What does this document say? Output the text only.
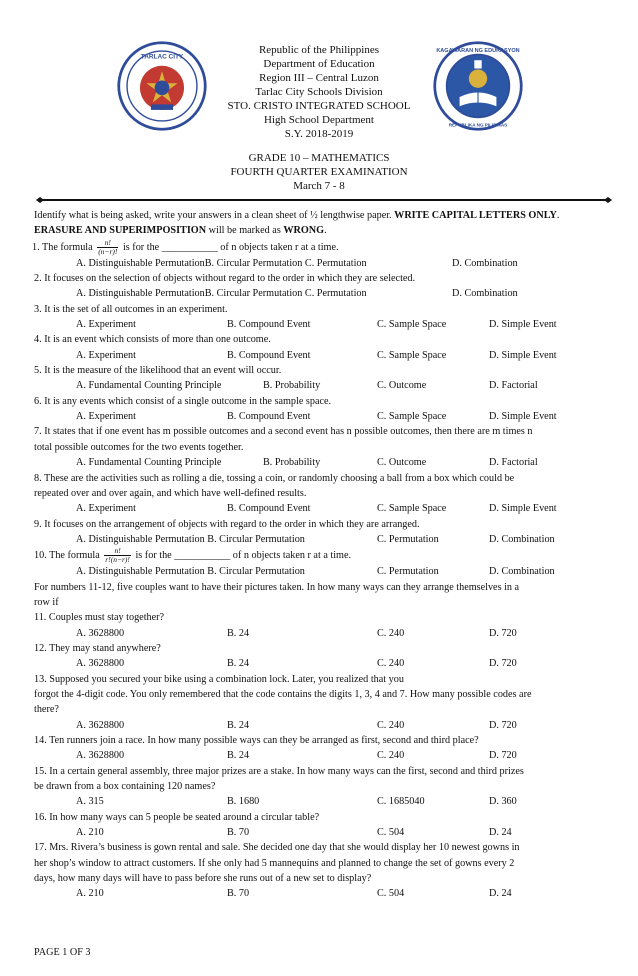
TARLAC CITY
KAGAWARAN NG EDUKASYON
REPUBLIKA NG PILIPINAS
Republic of the Philippines
Department of Education
Region III – Central Luzon
Tarlac City Schools Division
STO. CRISTO INTEGRATED SCHOOL
High School Department
S.Y. 2018-2019
GRADE 10 – MATHEMATICS
FOURTH QUARTER EXAMINATION
March 7 - 8
Identify what is being asked, write your answers in a clean sheet of ½ lengthwise paper. WRITE CAPITAL LETTERS ONLY. ERASURE AND SUPERIMPOSITION will be marked as WRONG.
1. The formula $\frac{n!}{(n-r)!}$ is for the ___________ of n objects taken r at a time.
A. Distinguishable PermutationB. Circular Permutation C. Permutation	D. Combination
2. It focuses on the selection of objects without regard to the order in which they are selected.
A. Distinguishable PermutationB. Circular Permutation C. Permutation	D. Combination
3. It is the set of all outcomes in an experiment.
A. Experiment	B. Compound Event	C. Sample Space	D. Simple Event
4. It is an event which consists of more than one outcome.
A. Experiment	B. Compound Event	C. Sample Space	D. Simple Event
5. It is the measure of the likelihood that an event will occur.
A. Fundamental Counting Principle	B. Probability	C. Outcome	D. Factorial
6. It is any events which consist of a single outcome in the sample space.
A. Experiment	B. Compound Event	C. Sample Space	D. Simple Event
7. It states that if one event has m possible outcomes and a second event has n possible outcomes, then there are m times n
total possible outcomes for the two events together.
A. Fundamental Counting Principle	B. Probability	C. Outcome	D. Factorial
8. These are the activities such as rolling a die, tossing a coin, or randomly choosing a ball from a box which could be
repeated over and over again, and which have well-defined results.
A. Experiment	B. Compound Event	C. Sample Space	D. Simple Event
9. It focuses on the arrangement of objects with regard to the order in which they are arranged.
A. Distinguishable Permutation B. Circular Permutation	C. Permutation	D. Combination
10. The formula $\frac{n!}{r!(n-r)!}$ is for the ___________ of n objects taken r at a time.
A. Distinguishable Permutation B. Circular Permutation	C. Permutation	D. Combination
For numbers 11-12, five couples want to have their pictures taken. In how many ways can they arrange themselves in a
row if
11. Couples must stay together?
A. 3628800	B. 24	C. 240	D. 720
12. They may stand anywhere?
A. 3628800	B. 24	C. 240	D. 720
13. Supposed you secured your bike using a combination lock. Later, you realized that you
forgot the 4-digit code. You only remembered that the code contains the digits 1, 3, 4 and 7. How many possible codes are
there?
A. 3628800	B. 24	C. 240	D. 720
14. Ten runners join a race. In how many possible ways can they be arranged as first, second and third place?
A. 3628800	B. 24	C. 240	D. 720
15. In a certain general assembly, three major prizes are a stake. In how many ways can the first, second and third prizes
be drawn from a box containing 120 names?
A. 315	B. 1680	C. 1685040	D. 360
16. In how many ways can 5 people be seated around a circular table?
A. 210	B. 70	C. 504	D. 24
17. Mrs. Rivera’s business is gown rental and sale. She decided one day that she would display her 10 newest gowns in
her shop’s window to attract customers. If she only had 5 mannequins and planned to change the set of gowns every 2
days, how many days will have to pass before she runs out of a new set to display?
A. 210	B. 70	C. 504	D. 24
PAGE 1 OF 3
